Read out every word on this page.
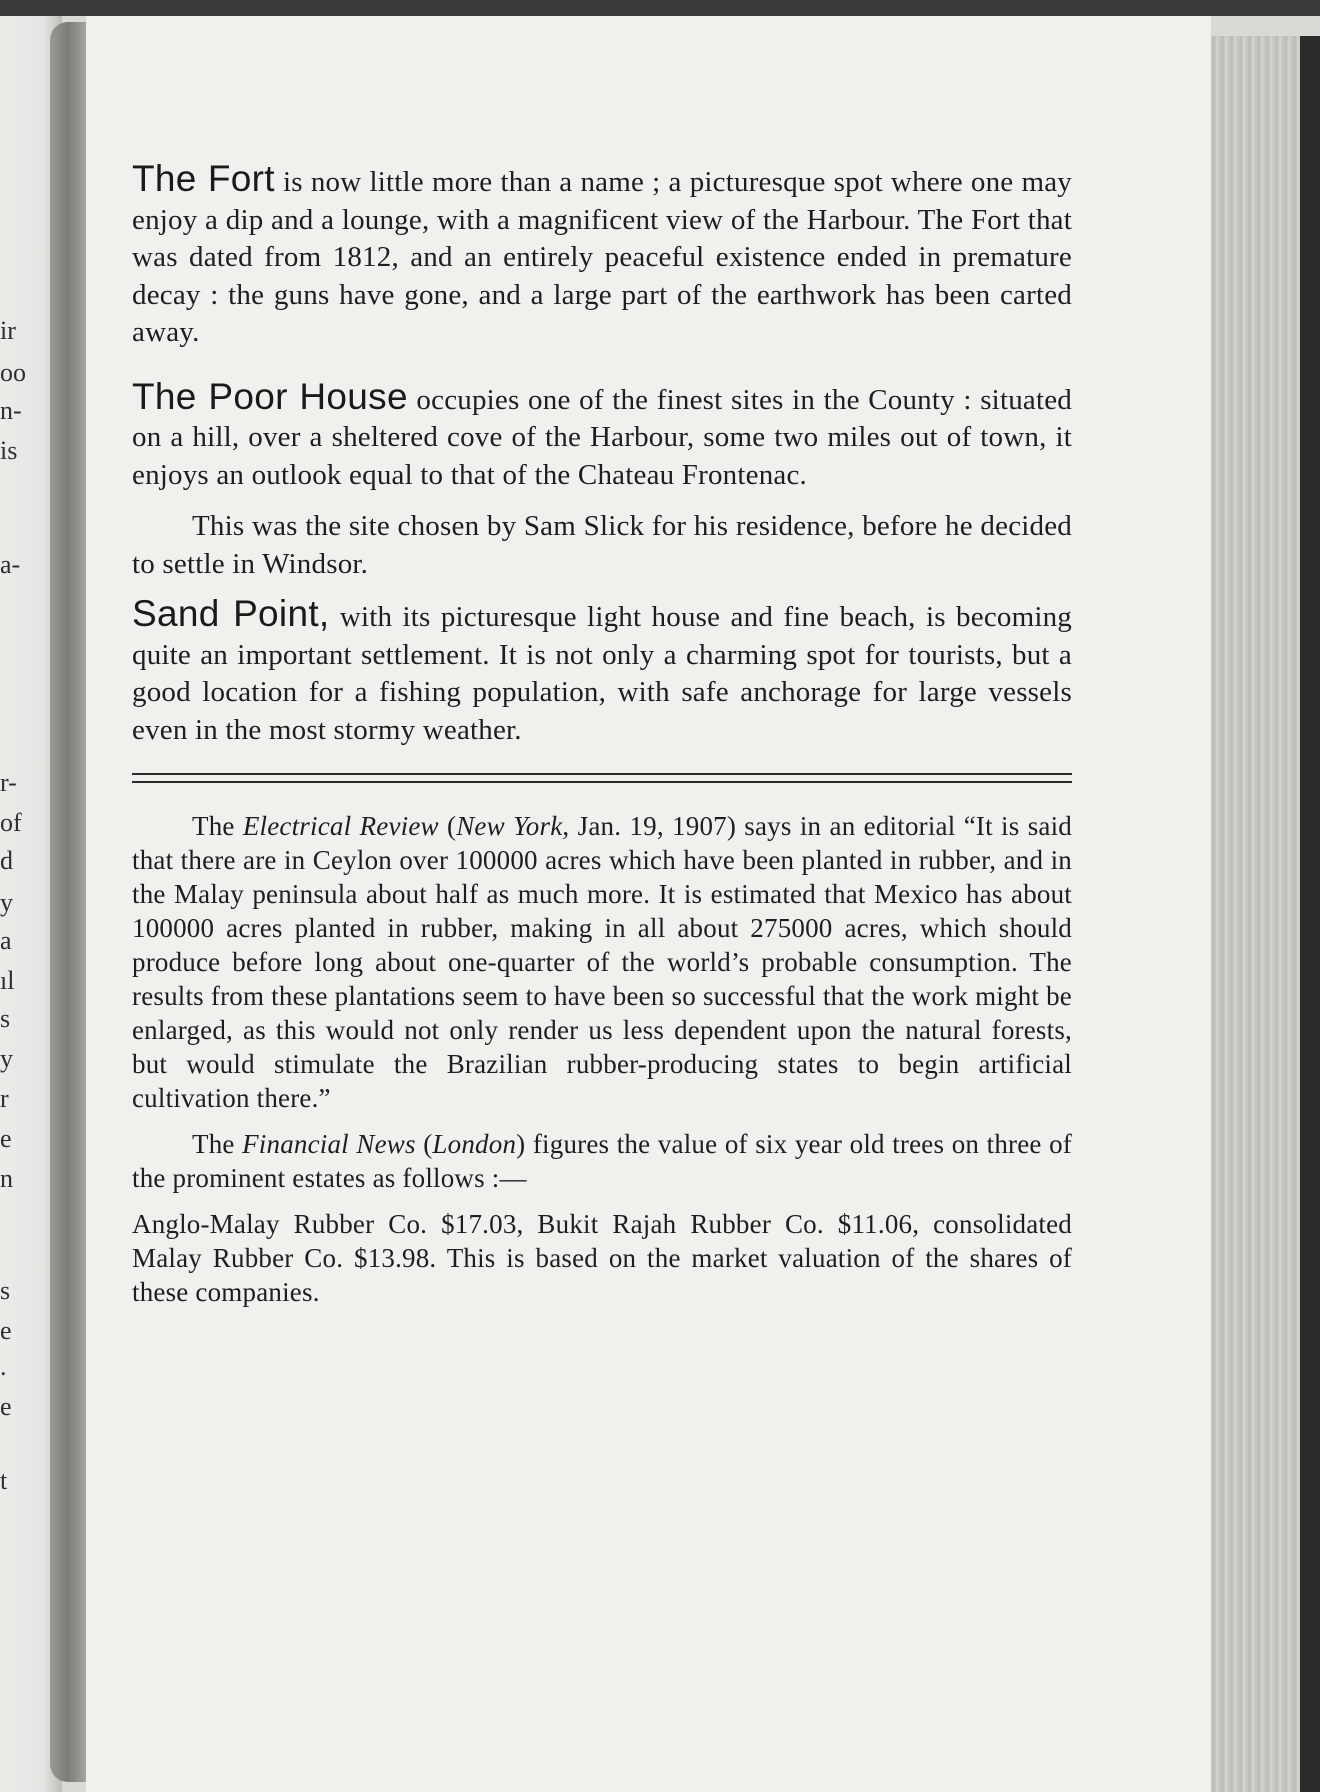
ir
oo
n-
is
a-
r-
of
d
y
a
ıl
s
y
r
e
n
s
e
.
e
t

The Fort is now little more than a name ; a picturesque spot where one may enjoy a dip and a lounge, with a magnificent view of the Harbour. The Fort that was dated from 1812, and an entirely peaceful existence ended in premature decay : the guns have gone, and a large part of the earthwork has been carted away.

The Poor House occupies one of the finest sites in the County : situated on a hill, over a sheltered cove of the Harbour, some two miles out of town, it enjoys an outlook equal to that of the Chateau Frontenac.

This was the site chosen by Sam Slick for his residence, before he decided to settle in Windsor.

Sand Point, with its picturesque light house and fine beach, is becoming quite an important settlement. It is not only a charming spot for tourists, but a good location for a fishing population, with safe anchorage for large vessels even in the most stormy weather.

The Electrical Review (New York, Jan. 19, 1907) says in an editorial “It is said that there are in Ceylon over 100000 acres which have been planted in rubber, and in the Malay peninsula about half as much more. It is estimated that Mexico has about 100000 acres planted in rubber, making in all about 275000 acres, which should produce before long about one-quarter of the world’s probable consumption. The results from these plantations seem to have been so successful that the work might be enlarged, as this would not only render us less dependent upon the natural forests, but would stimulate the Brazilian rubber-producing states to begin artificial cultivation there.”

The Financial News (London) figures the value of six year old trees on three of the prominent estates as follows :—

Anglo-Malay Rubber Co. $17.03, Bukit Rajah Rubber Co. $11.06, consolidated Malay Rubber Co. $13.98. This is based on the market valuation of the shares of these companies.
